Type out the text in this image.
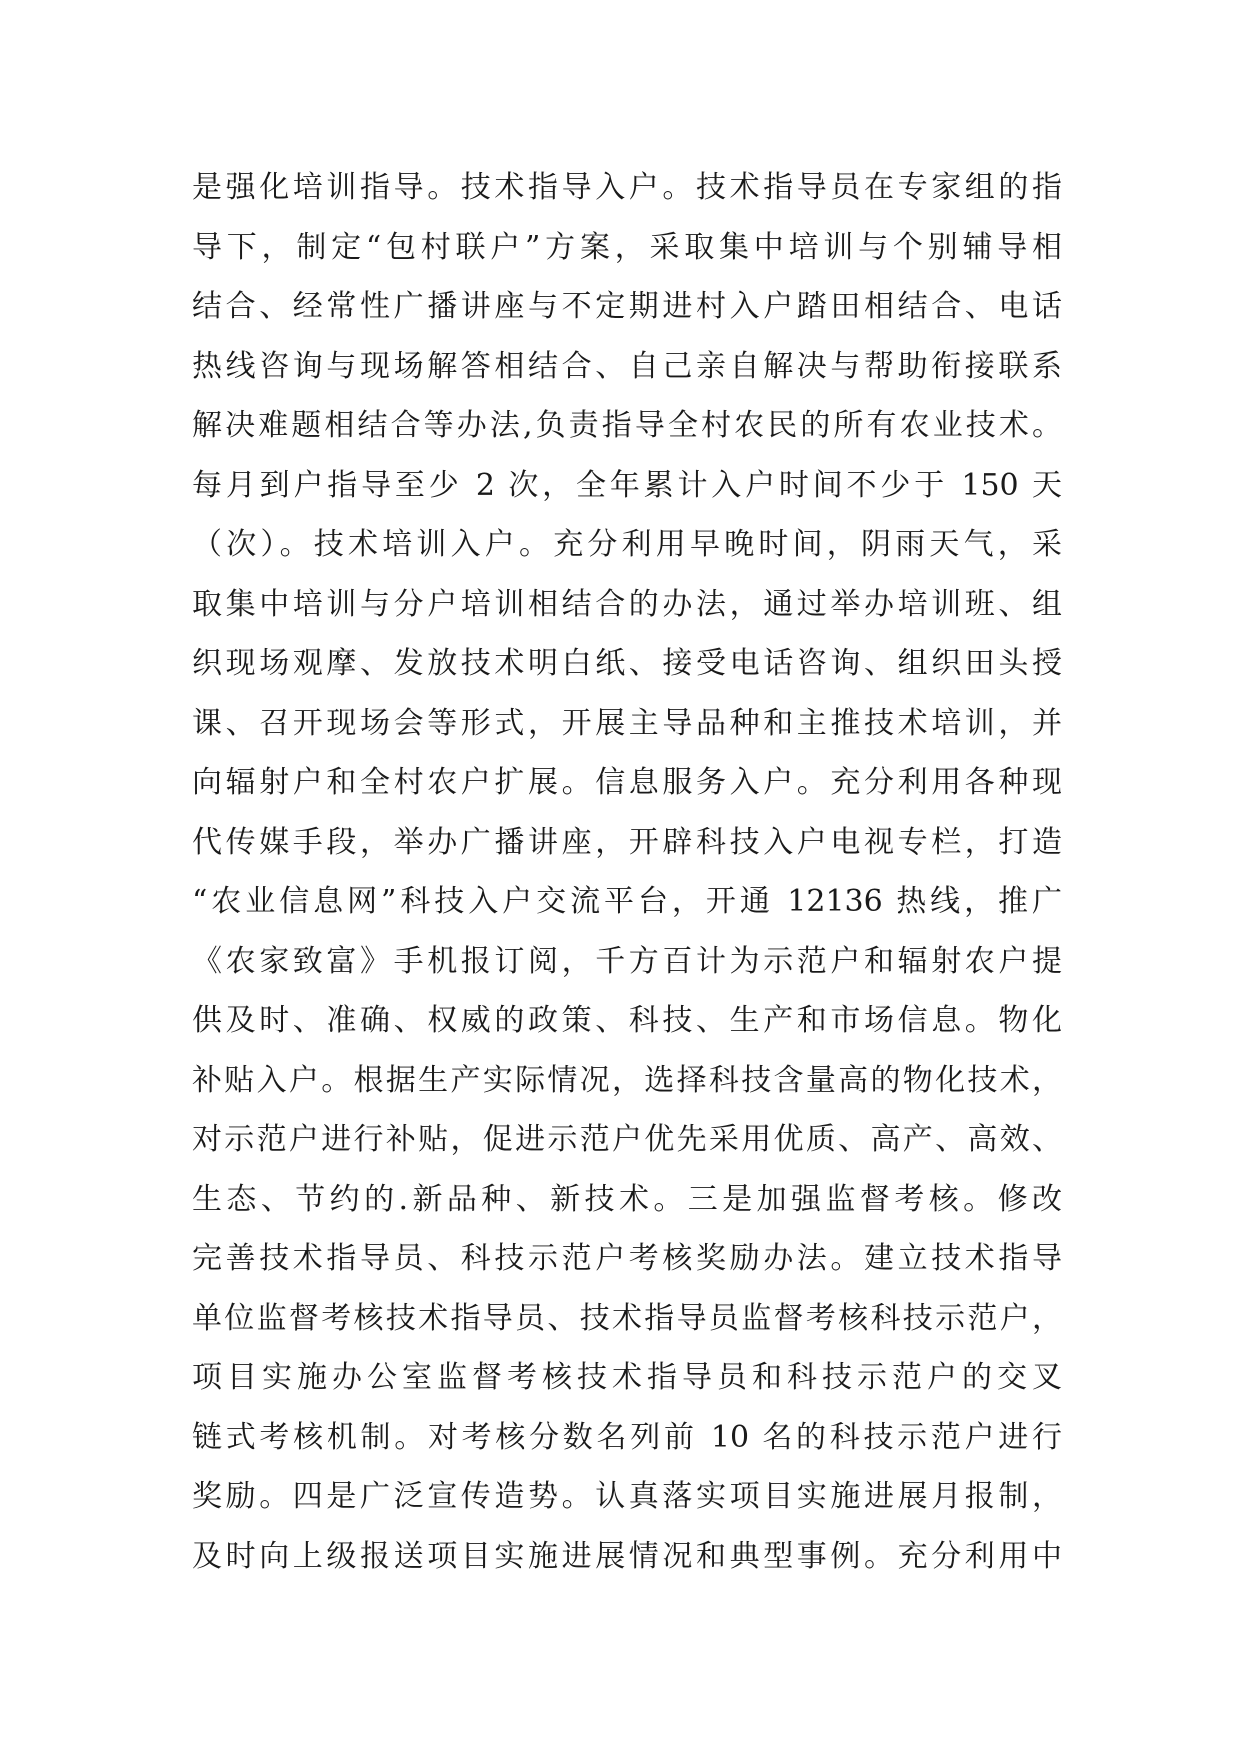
是强化培训指导。技术指导入户。技术指导员在专家组的指
导下，制定“包村联户”方案，采取集中培训与个别辅导相
结合、经常性广播讲座与不定期进村入户踏田相结合、电话
热线咨询与现场解答相结合、自己亲自解决与帮助衔接联系
解决难题相结合等办法,负责指导全村农民的所有农业技术。
每月到户指导至少 2 次，全年累计入户时间不少于 150 天
（次）。技术培训入户。充分利用早晚时间，阴雨天气，采
取集中培训与分户培训相结合的办法，通过举办培训班、组
织现场观摩、发放技术明白纸、接受电话咨询、组织田头授
课、召开现场会等形式，开展主导品种和主推技术培训，并
向辐射户和全村农户扩展。信息服务入户。充分利用各种现
代传媒手段，举办广播讲座，开辟科技入户电视专栏，打造
“农业信息网”科技入户交流平台，开通 12136 热线，推广
《农家致富》手机报订阅，千方百计为示范户和辐射农户提
供及时、准确、权威的政策、科技、生产和市场信息。物化
补贴入户。根据生产实际情况，选择科技含量高的物化技术，
对示范户进行补贴，促进示范户优先采用优质、高产、高效、
生态、节约的.新品种、新技术。三是加强监督考核。修改
完善技术指导员、科技示范户考核奖励办法。建立技术指导
单位监督考核技术指导员、技术指导员监督考核科技示范户，
项目实施办公室监督考核技术指导员和科技示范户的交叉
链式考核机制。对考核分数名列前 10 名的科技示范户进行
奖励。四是广泛宣传造势。认真落实项目实施进展月报制，
及时向上级报送项目实施进展情况和典型事例。充分利用中
